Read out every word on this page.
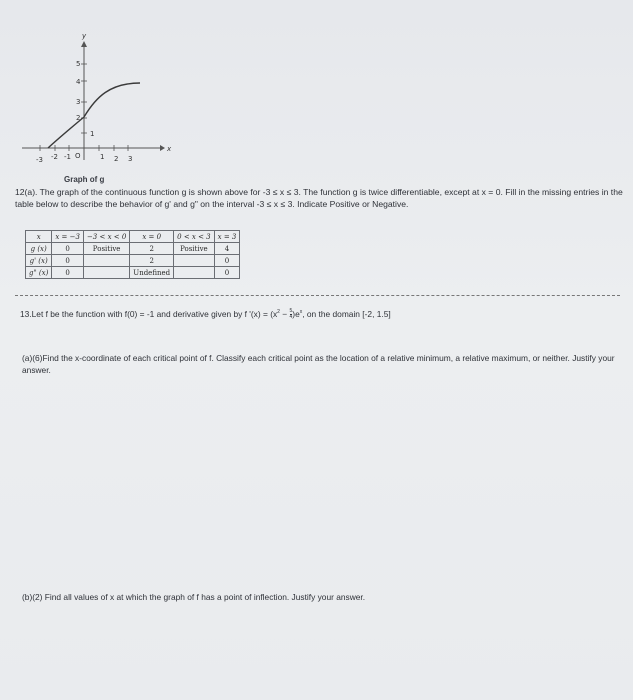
-3 -2 -1 O	1 2 3
x
1
2
3
4
5
y
Graph of g
12(a). The graph of the continuous function g is shown above for -3 ≤ x ≤ 3. The function g is twice differentiable, except at x = 0. Fill in the missing entries in the table below to describe the behavior of g' and g" on the interval -3 ≤ x ≤ 3. Indicate Positive or Negative.
x	x = −3	−3 < x < 0	x = 0	0 < x < 3	x = 3
g (x)	0	Positive	2	Positive	4
g' (x)	0		2		0
g" (x)	0		Undefined		0
13.Let f be the function with f(0) = -1 and derivative given by f '$(x) = (x^2 - \frac{5}{4} )e^x$, on the domain [-2, 1.5]
(a)(6)Find the x-coordinate of each critical point of f. Classify each critical point as the location of a relative minimum, a relative maximum, or neither. Justify your answer.
(b)(2) Find all values of x at which the graph of f has a point of inflection. Justify your answer.
